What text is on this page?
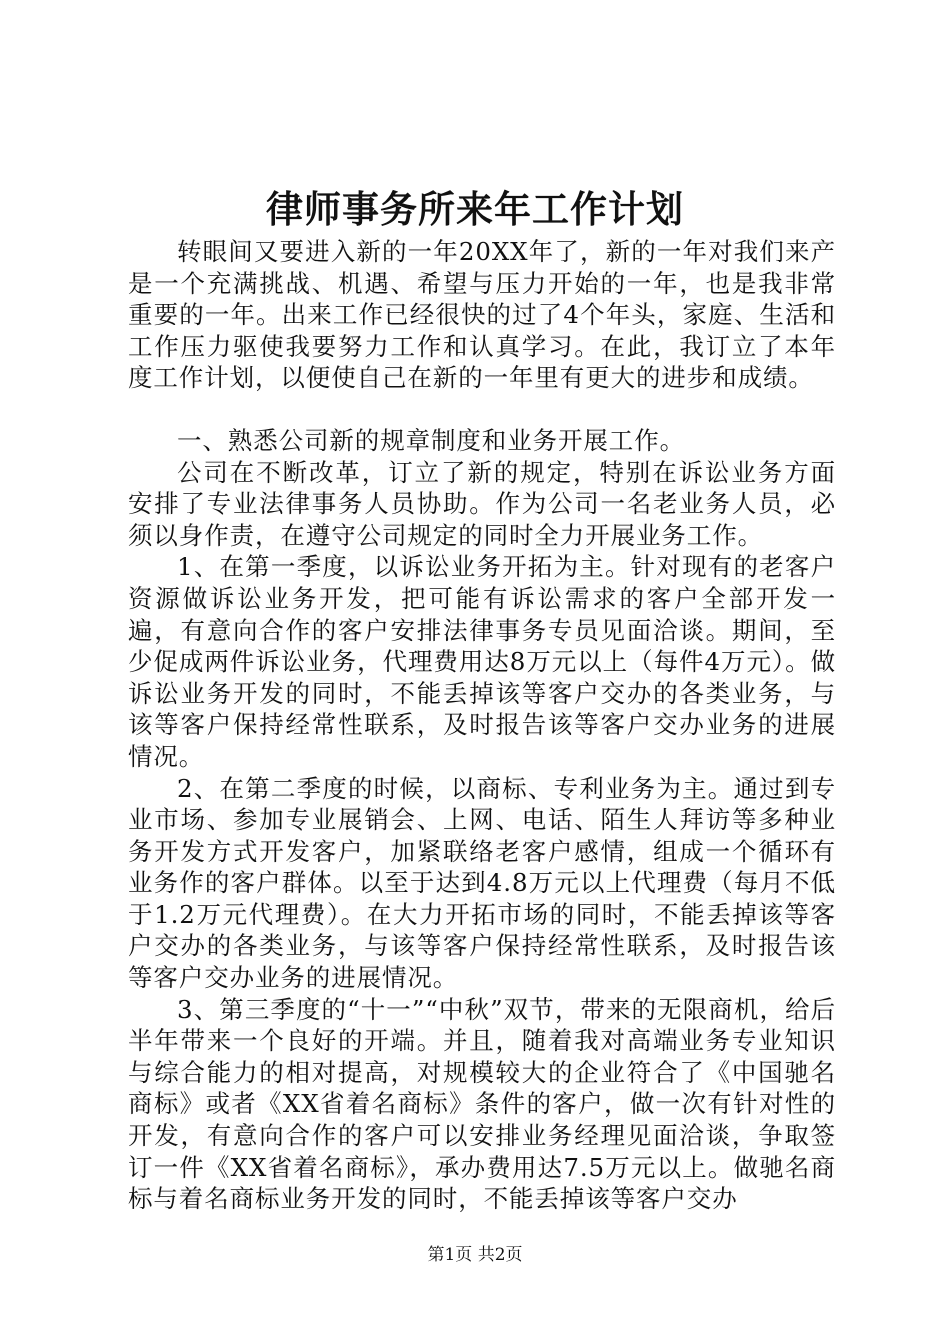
律师事务所来年工作计划

转眼间又要进入新的一年20XX年了，新的一年对我们来产是一个充满挑战、机遇、希望与压力开始的一年，也是我非常重要的一年。出来工作已经很快的过了4个年头，家庭、生活和工作压力驱使我要努力工作和认真学习。在此，我订立了本年度工作计划，以便使自己在新的一年里有更大的进步和成绩。

一、熟悉公司新的规章制度和业务开展工作。

公司在不断改革，订立了新的规定，特别在诉讼业务方面安排了专业法律事务人员协助。作为公司一名老业务人员，必须以身作责，在遵守公司规定的同时全力开展业务工作。

1、在第一季度，以诉讼业务开拓为主。针对现有的老客户资源做诉讼业务开发，把可能有诉讼需求的客户全部开发一遍，有意向合作的客户安排法律事务专员见面洽谈。期间，至少促成两件诉讼业务，代理费用达8万元以上（每件4万元）。做诉讼业务开发的同时，不能丢掉该等客户交办的各类业务，与该等客户保持经常性联系，及时报告该等客户交办业务的进展情况。

2、在第二季度的时候，以商标、专利业务为主。通过到专业市场、参加专业展销会、上网、电话、陌生人拜访等多种业务开发方式开发客户，加紧联络老客户感情，组成一个循环有业务作的客户群体。以至于达到4.8万元以上代理费（每月不低于1.2万元代理费）。在大力开拓市场的同时，不能丢掉该等客户交办的各类业务，与该等客户保持经常性联系，及时报告该等客户交办业务的进展情况。

3、第三季度的“十一”“中秋”双节，带来的无限商机，给后半年带来一个良好的开端。并且，随着我对高端业务专业知识与综合能力的相对提高，对规模较大的企业符合了《中国驰名商标》或者《XX省着名商标》条件的客户，做一次有针对性的开发，有意向合作的客户可以安排业务经理见面洽谈，争取签订一件《XX省着名商标》，承办费用达7.5万元以上。做驰名商标与着名商标业务开发的同时，不能丢掉该等客户交办

第1页 共2页
